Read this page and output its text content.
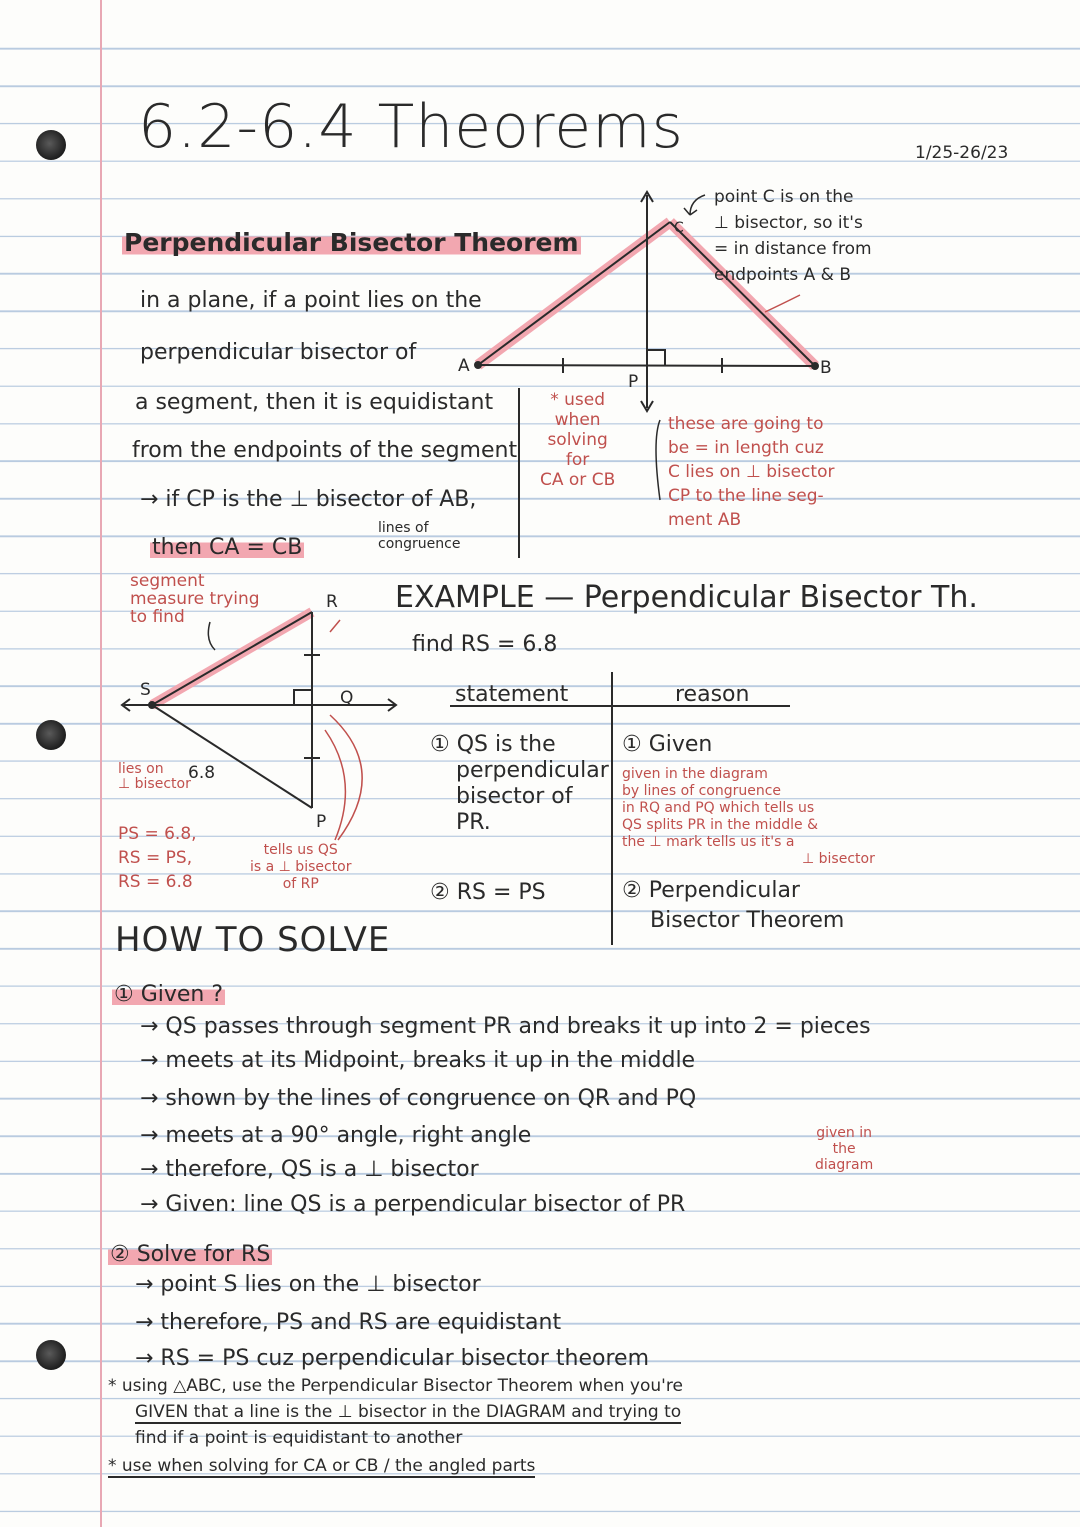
6.2-6.4 Theorems	1/25-26/23
Perpendicular Bisector Theorem
in a plane, if a point lies on the
perpendicular bisector of
a segment, then it is equidistant
from the endpoints of the segment
→ if CP is the ⊥ bisector of AB,
then CA = CB
lines of
congruence
* used
when
solving
for
CA or CB
A	B
C
P
point C is on the
⊥ bisector, so it's
= in distance from
endpoints A & B
these are going to
be = in length cuz
C lies on ⊥ bisector
CP to the line seg-
ment AB
EXAMPLE — Perpendicular Bisector Th.
find RS = 6.8
segment
measure trying
to find
S
R
Q
P
lies on
⊥ bisector
6.8
PS = 6.8,
RS = PS,
RS = 6.8
tells us QS
is a ⊥ bisector
of RP
statement	reason
① QS is the
perpendicular
bisector of
PR.
① Given
given in the diagram
by lines of congruence
in RQ and PQ which tells us
QS splits PR in the middle &
the ⊥ mark tells us it's a
⊥ bisector
② RS = PS	② Perpendicular
Bisector Theorem
HOW TO SOLVE
① Given ?
→ QS passes through segment PR and breaks it up into 2 = pieces
→ meets at its Midpoint, breaks it up in the middle
→ shown by the lines of congruence on QR and PQ
→ meets at a 90° angle, right angle
→ therefore, QS is a ⊥ bisector
→ Given: line QS is a perpendicular bisector of PR
given in
the
diagram
② Solve for RS
→ point S lies on the ⊥ bisector
→ therefore, PS and RS are equidistant
→ RS = PS cuz perpendicular bisector theorem
* using △ABC, use the Perpendicular Bisector Theorem when you're
GIVEN that a line is the ⊥ bisector in the DIAGRAM and trying to
find if a point is equidistant to another
* use when solving for CA or CB / the angled parts
